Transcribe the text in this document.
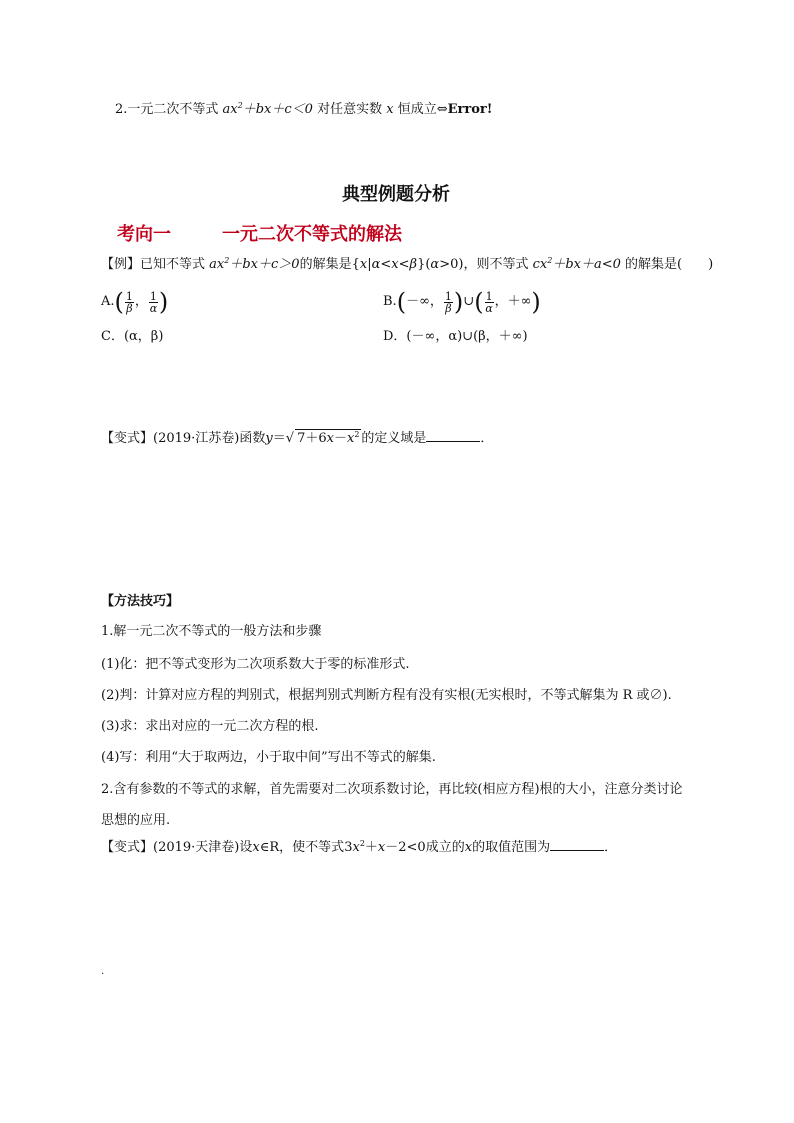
2.一元二次不等式 $ax^2+bx+c<0$ 对任意实数 x 恒成立⇔Error!
典型例题分析
考向一	一元二次不等式的解法
【例】已知不等式 $ax^2+bx+c>0$的解集是{x|α<x<β}(α>0)，则不等式 $cx^2+bx+a<0$ 的解集是(　　)
A. ( $\frac{1}{\beta}$ ， $\frac{1}{\alpha}$ )	B. ( －∞， $\frac{1}{\beta}$ ) ∪ ( $\frac{1}{\alpha}$ ，＋∞ )
C．(α，β)	D．(－∞，α)∪(β，＋∞)
【变式】(2019·江苏卷)函数y＝√ $7+6x-x^2$ 的定义域是	．
【方法技巧】
1.解一元二次不等式的一般方法和步骤
(1)化：把不等式变形为二次项系数大于零的标准形式.
(2)判：计算对应方程的判别式，根据判别式判断方程有没有实根(无实根时，不等式解集为 R 或∅).
(3)求：求出对应的一元二次方程的根.
(4)写：利用“大于取两边，小于取中间”写出不等式的解集.
2.含有参数的不等式的求解，首先需要对二次项系数讨论，再比较(相应方程)根的大小，注意分类讨论
思想的应用.
【变式】(2019·天津卷)设x∈R，使不等式$3x^2+x-2<0$成立的x的取值范围为	．
.
